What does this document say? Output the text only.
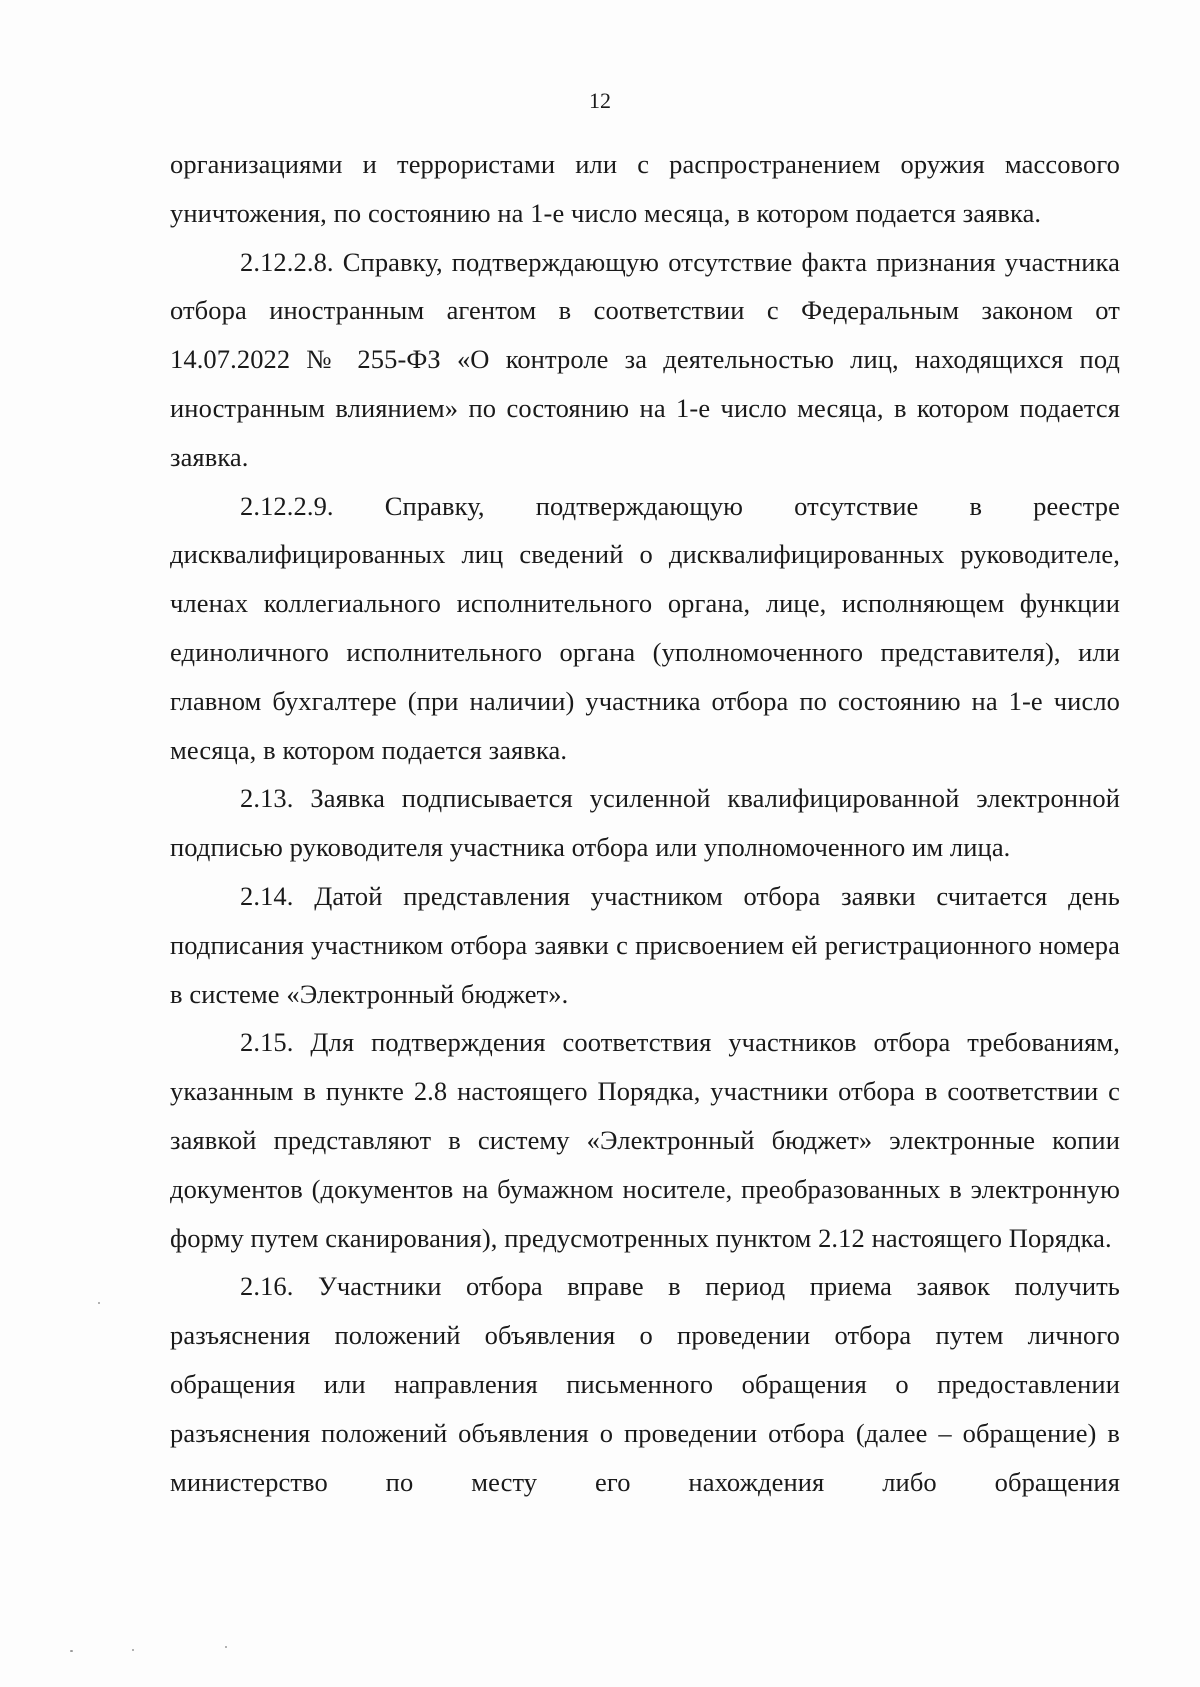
12

организациями и террористами или с распространением оружия массового уничтожения, по состоянию на 1-е число месяца, в котором подается заявка.

2.12.2.8. Справку, подтверждающую отсутствие факта признания участника отбора иностранным агентом в соответствии с Федеральным законом от 14.07.2022 № 255-ФЗ «О контроле за деятельностью лиц, находящихся под иностранным влиянием» по состоянию на 1-е число месяца, в котором подается заявка.

2.12.2.9. Справку, подтверждающую отсутствие в реестре дисквалифицированных лиц сведений о дисквалифицированных руководителе, членах коллегиального исполнительного органа, лице, исполняющем функции единоличного исполнительного органа (уполномоченного представителя), или главном бухгалтере (при наличии) участника отбора по состоянию на 1-е число месяца, в котором подается заявка.

2.13. Заявка подписывается усиленной квалифицированной электронной подписью руководителя участника отбора или уполномоченного им лица.

2.14. Датой представления участником отбора заявки считается день подписания участником отбора заявки с присвоением ей регистрационного номера в системе «Электронный бюджет».

2.15. Для подтверждения соответствия участников отбора требованиям, указанным в пункте 2.8 настоящего Порядка, участники отбора в соответствии с заявкой представляют в систему «Электронный бюджет» электронные копии документов (документов на бумажном носителе, преобразованных в электронную форму путем сканирования), предусмотренных пунктом 2.12 настоящего Порядка.

2.16. Участники отбора вправе в период приема заявок получить разъяснения положений объявления о проведении отбора путем личного обращения или направления письменного обращения о предоставлении разъяснения положений объявления о проведении отбора (далее – обращение) в министерство по месту его нахождения либо обращения
